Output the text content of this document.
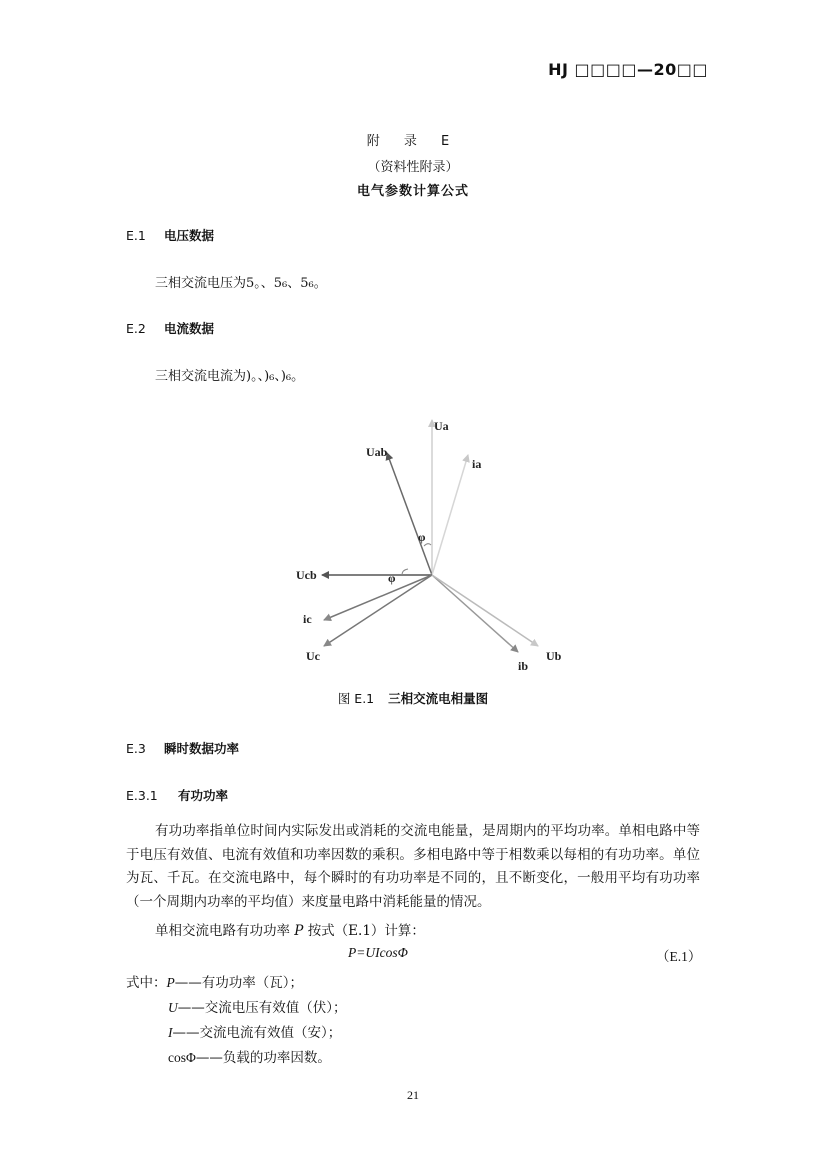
HJ □□□□—20□□
附 录 E
（资料性附录）
电气参数计算公式
E.1 电压数据
三相交流电压为5。、5₆、5₆。
E.2 电流数据
三相交流电流为)。、)₆、)₆。
Ua
Uab
ia
φ
Ucb	φ
ic
Uc
ib
Ub
图 E.1 三相交流电相量图
E.3 瞬时数据功率
E.3.1 有功功率
有功功率指单位时间内实际发出或消耗的交流电能量，是周期内的平均功率。单相电路中等于电压有效值、电流有效值和功率因数的乘积。多相电路中等于相数乘以每相的有功功率。单位为瓦、千瓦。在交流电路中，每个瞬时的有功功率是不同的，且不断变化，一般用平均有功功率（一个周期内功率的平均值）来度量电路中消耗能量的情况。
单相交流电路有功功率 P 按式（E.1）计算：
P=UIcosΦ	（E.1）
式中：P——有功功率（瓦）；
U——交流电压有效值（伏）；
I——交流电流有效值（安）；
cosΦ——负载的功率因数。
21
